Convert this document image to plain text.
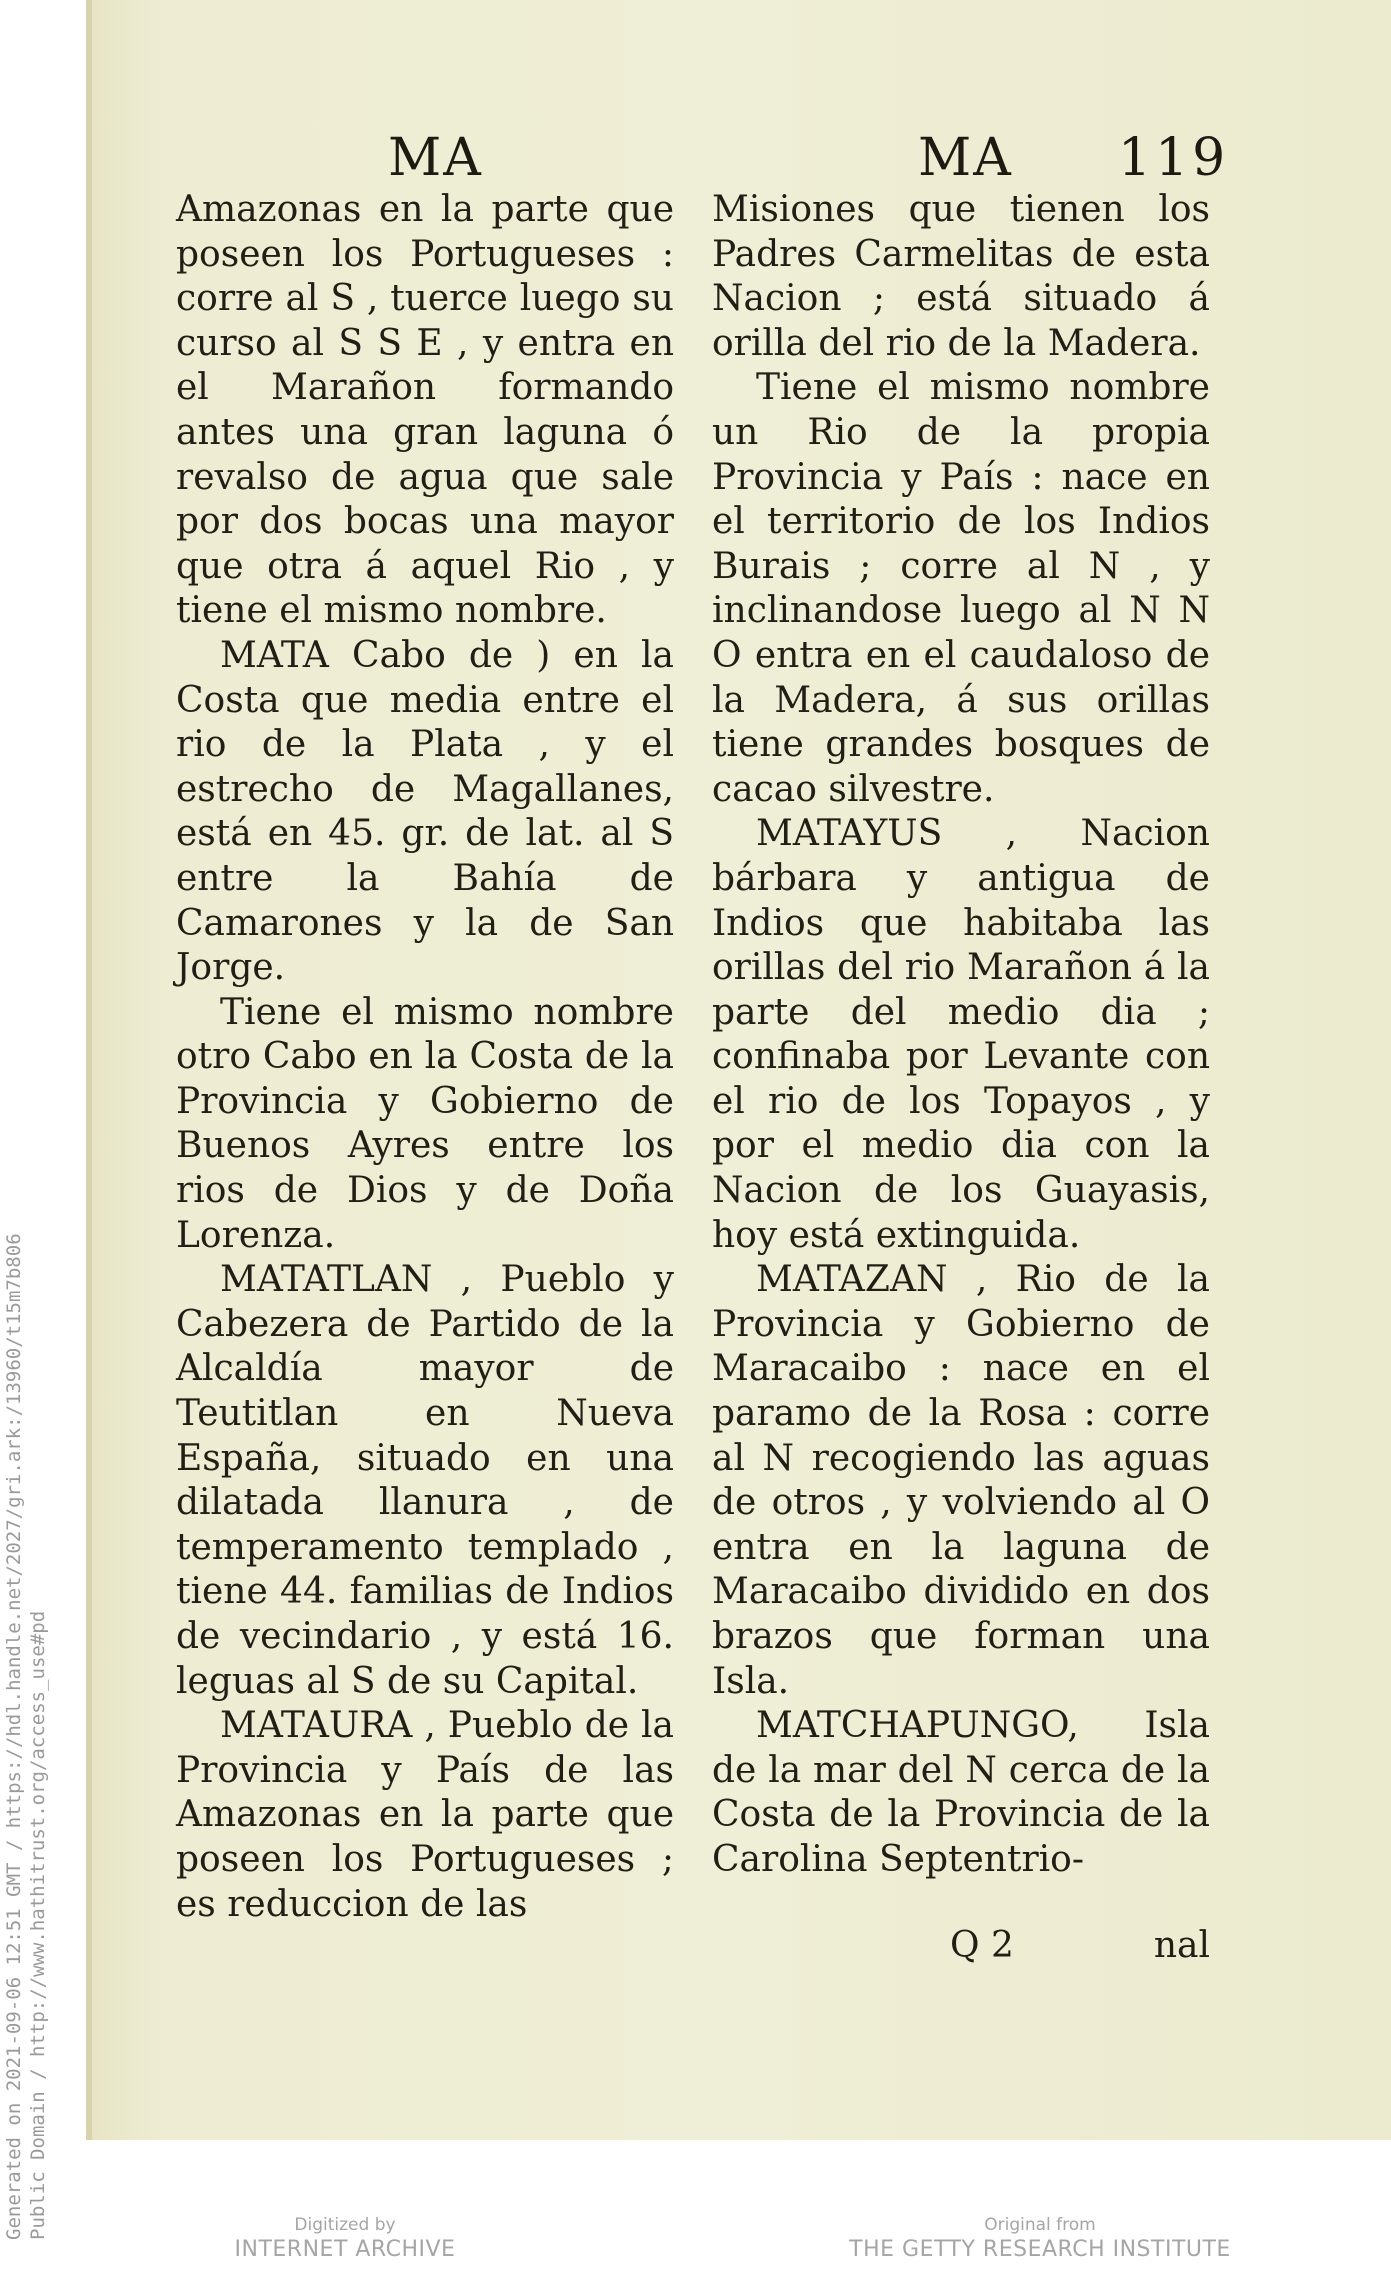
Generated on 2021-09-06 12:51 GMT / https://hdl.handle.net/2027/gri.ark:/13960/t15m7b806 Public Domain / http://www.hathitrust.org/access_use#pd
MA	MA 119

Amazonas en la parte que poseen los Portugueses : corre al S , tuerce luego su curso al S S E , y entra en el Marañon formando antes una gran laguna ó revalso de agua que sale por dos bocas una mayor que otra á aquel Rio , y tiene el mismo nombre.

MATA Cabo de ) en la Costa que media entre el rio de la Plata , y el estrecho de Magallanes, está en 45. gr. de lat. al S entre la Bahía de Camarones y la de San Jorge.

Tiene el mismo nombre otro Cabo en la Costa de la Provincia y Gobierno de Buenos Ayres entre los rios de Dios y de Doña Lorenza.

MATATLAN , Pueblo y Cabezera de Partido de la Alcaldía mayor de Teutitlan en Nueva España, situado en una dilatada llanura , de temperamento templado , tiene 44. familias de Indios de vecindario , y está 16. leguas al S de su Capital.

MATAURA , Pueblo de la Provincia y País de las Amazonas en la parte que poseen los Portugueses ; es reduccion de las

Misiones que tienen los Padres Carmelitas de esta Nacion ; está situado á orilla del rio de la Madera.

Tiene el mismo nombre un Rio de la propia Provincia y País : nace en el territorio de los Indios Burais ; corre al N , y inclinandose luego al N N O entra en el caudaloso de la Madera, á sus orillas tiene grandes bosques de cacao silvestre.

MATAYUS , Nacion bárbara y antigua de Indios que habitaba las orillas del rio Marañon á la parte del medio dia ; confinaba por Levante con el rio de los Topayos , y por el medio dia con la Nacion de los Guayasis, hoy está extinguida.

MATAZAN , Rio de la Provincia y Gobierno de Maracaibo : nace en el paramo de la Rosa : corre al N recogiendo las aguas de otros , y volviendo al O entra en la laguna de Maracaibo dividido en dos brazos que forman una Isla.

MATCHAPUNGO, Isla de la mar del N cerca de la Costa de la Provincia de la Carolina Septentrio-

Q 2	nal
Digitized by
INTERNET ARCHIVE
Original from
THE GETTY RESEARCH INSTITUTE
